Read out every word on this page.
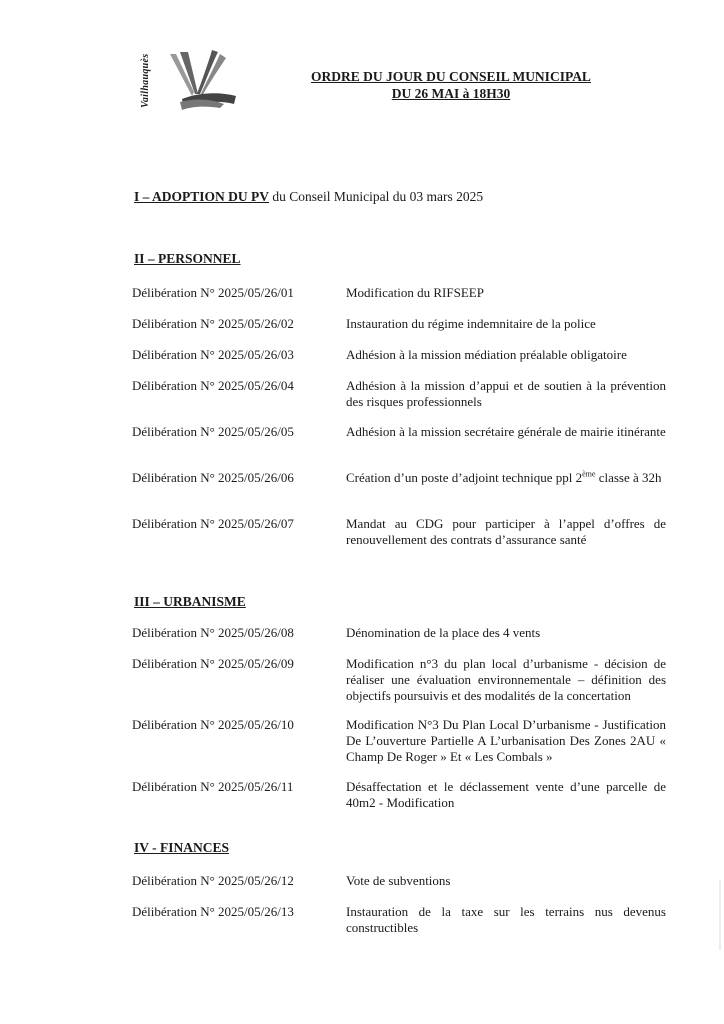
Vailhauquès	ORDRE DU JOUR DU CONSEIL MUNICIPAL
DU 26 MAI à 18H30
I – ADOPTION DU PV du Conseil Municipal du 03 mars 2025
II – PERSONNEL
Délibération N° 2025/05/26/01	Modification du RIFSEEP
Délibération N° 2025/05/26/02	Instauration du régime indemnitaire de la police
Délibération N° 2025/05/26/03	Adhésion à la mission médiation préalable obligatoire
Délibération N° 2025/05/26/04	Adhésion à la mission d’appui et de soutien à la prévention des risques professionnels
Délibération N° 2025/05/26/05	Adhésion à la mission secrétaire générale de mairie itinérante
Délibération N° 2025/05/26/06	Création d’un poste d’adjoint technique ppl 2ème classe à 32h
Délibération N° 2025/05/26/07	Mandat au CDG pour participer à l’appel d’offres de renouvellement des contrats d’assurance santé
III – URBANISME
Délibération N° 2025/05/26/08	Dénomination de la place des 4 vents
Délibération N° 2025/05/26/09	Modification n°3 du plan local d’urbanisme - décision de réaliser une évaluation environnementale – définition des objectifs poursuivis et des modalités de la concertation
Délibération N° 2025/05/26/10	Modification N°3 Du Plan Local D’urbanisme - Justification De L’ouverture Partielle A L’urbanisation Des Zones 2AU « Champ De Roger » Et « Les Combals »
Délibération N° 2025/05/26/11	Désaffectation et le déclassement vente d’une parcelle de 40m2 - Modification
IV - FINANCES
Délibération N° 2025/05/26/12	Vote de subventions
Délibération N° 2025/05/26/13	Instauration de la taxe sur les terrains nus devenus constructibles
